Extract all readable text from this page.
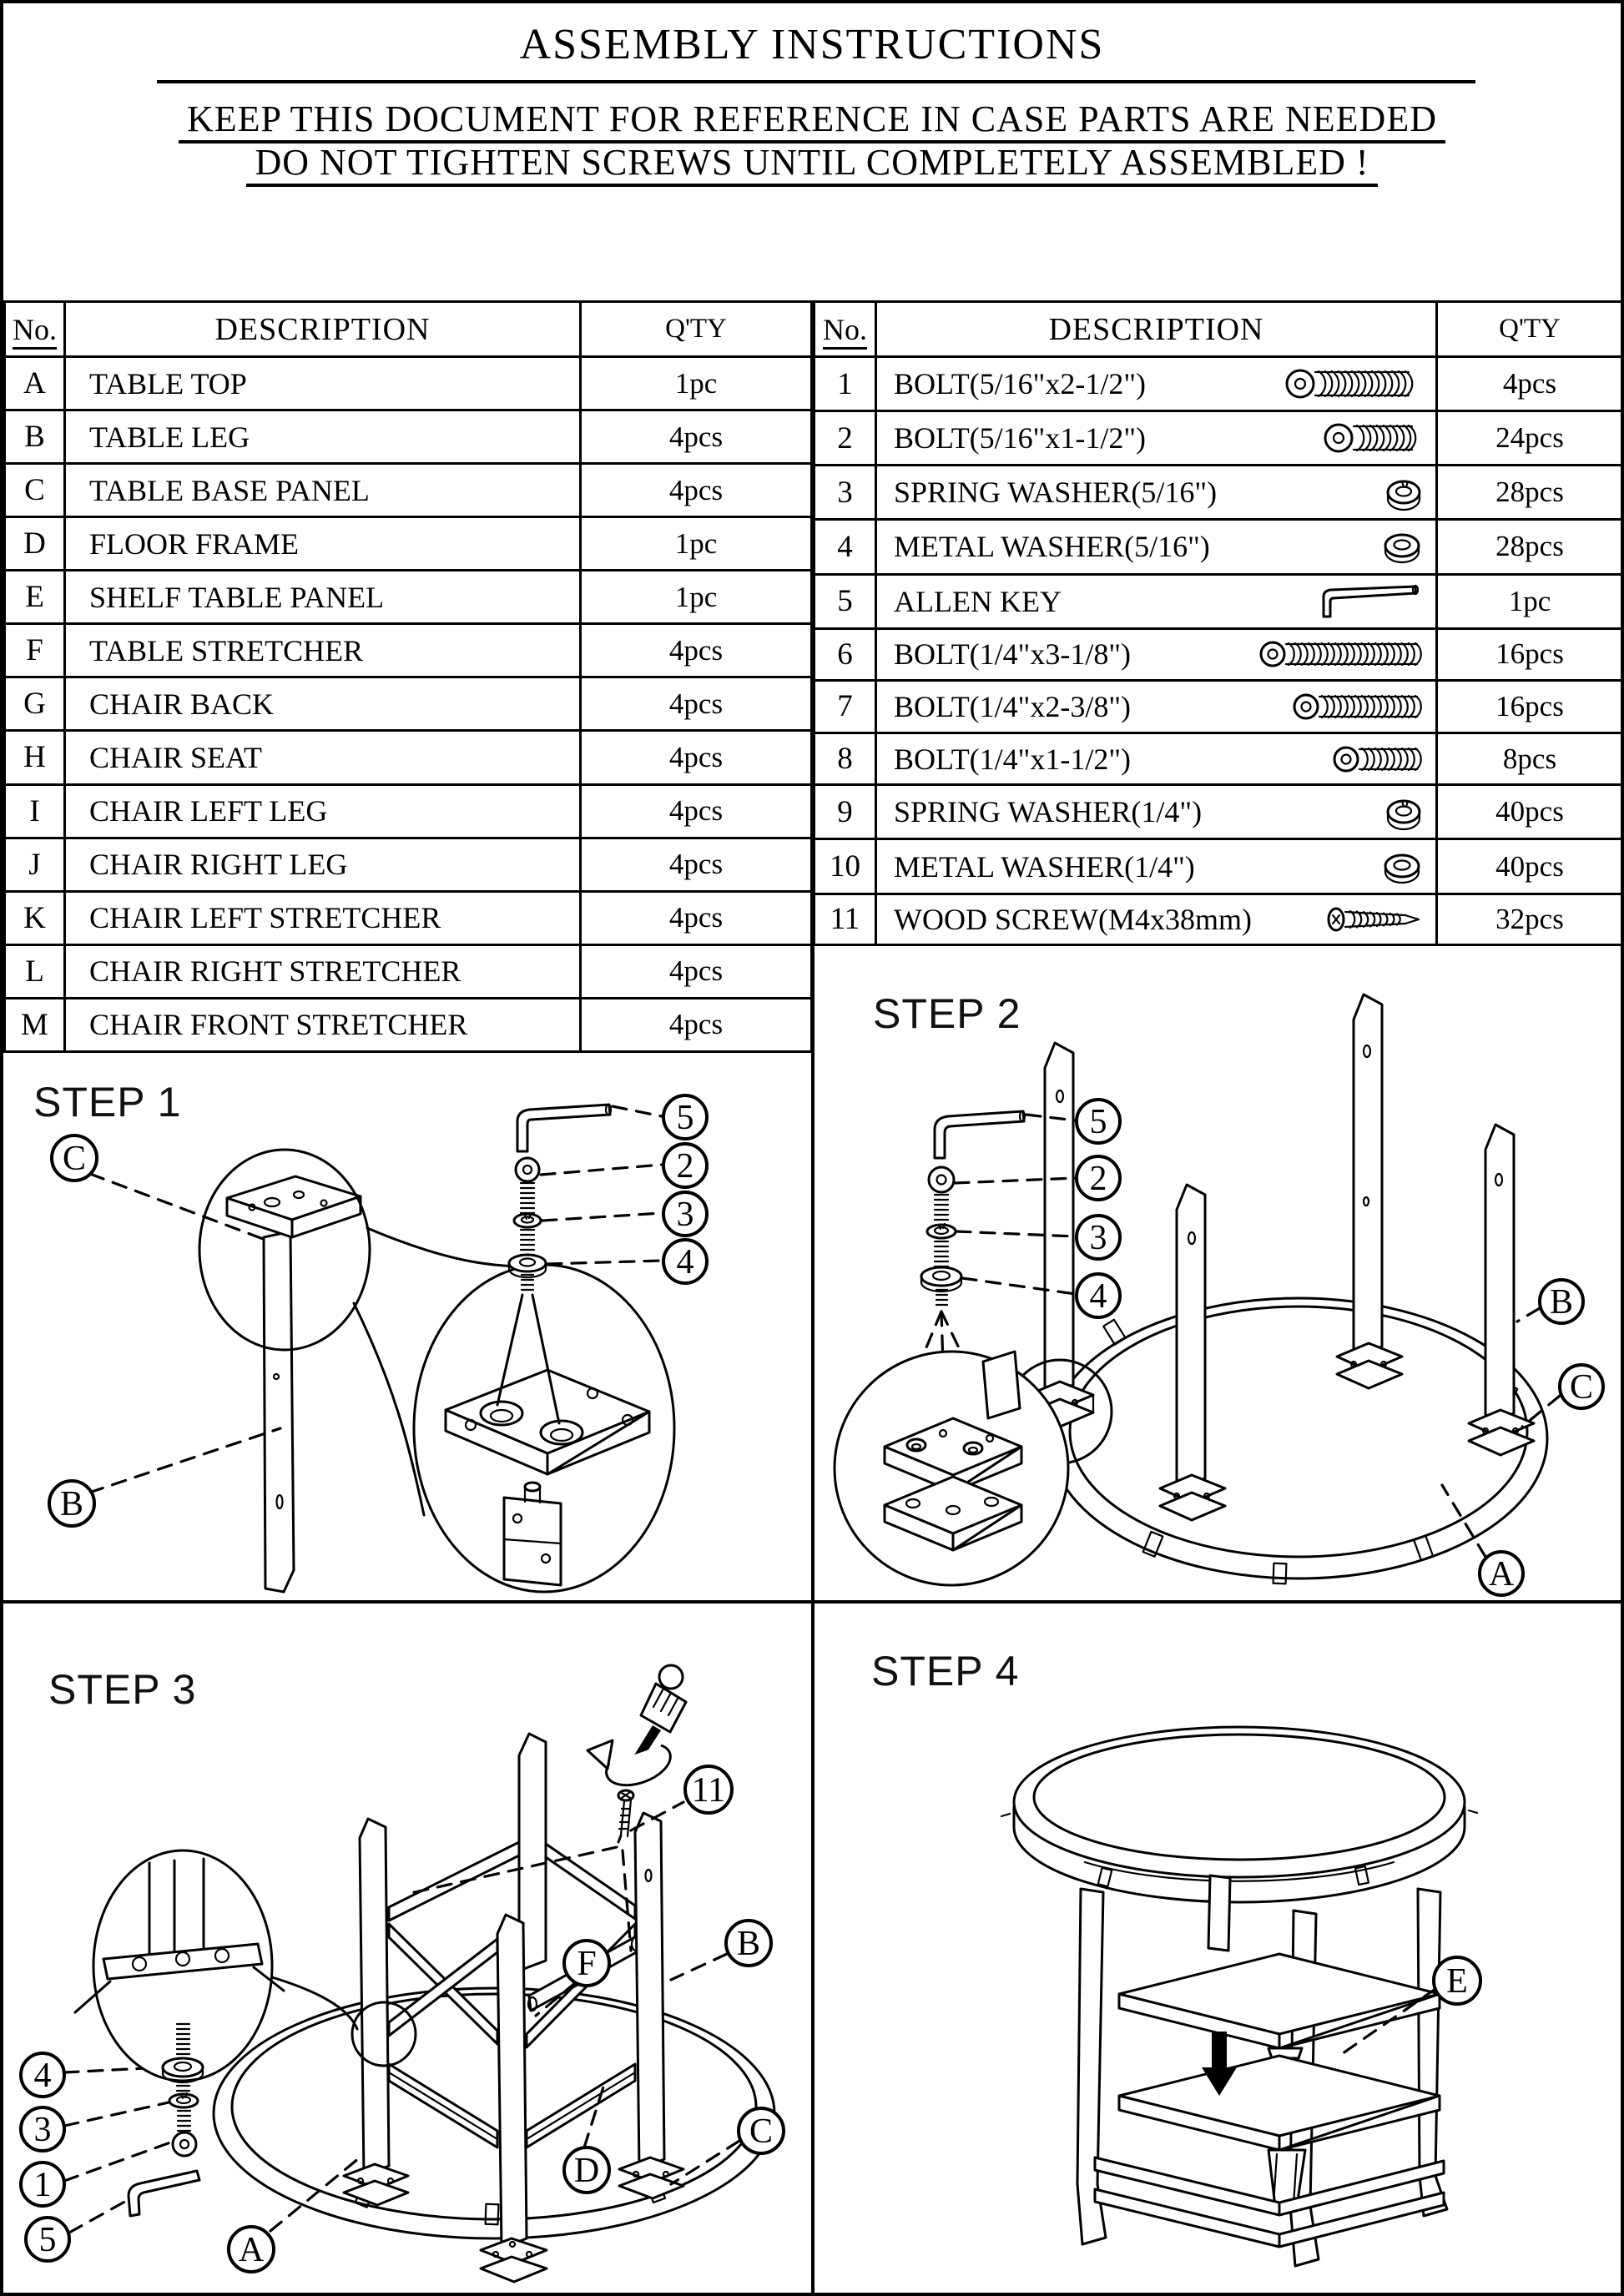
ASSEMBLY INSTRUCTIONS
KEEP THIS DOCUMENT FOR REFERENCE IN CASE PARTS ARE NEEDED
DO NOT TIGHTEN SCREWS UNTIL COMPLETELY ASSEMBLED !
No.	DESCRIPTION	Q'TY
A	TABLE TOP	1pc
B	TABLE LEG	4pcs
C	TABLE BASE PANEL	4pcs
D	FLOOR FRAME	1pc
E	SHELF TABLE PANEL	1pc
F	TABLE STRETCHER	4pcs
G	CHAIR BACK	4pcs
H	CHAIR SEAT	4pcs
I	CHAIR LEFT LEG	4pcs
J	CHAIR RIGHT LEG	4pcs
K	CHAIR LEFT STRETCHER	4pcs
L	CHAIR RIGHT STRETCHER	4pcs
M	CHAIR FRONT STRETCHER	4pcs
No.	DESCRIPTION	Q'TY
1	BOLT(5/16"x2-1/2")	4pcs
2	BOLT(5/16"x1-1/2")	24pcs
3	SPRING WASHER(5/16")	28pcs
4	METAL WASHER(5/16")	28pcs
5	ALLEN KEY	1pc
6	BOLT(1/4"x3-1/8")	16pcs
7	BOLT(1/4"x2-3/8")	16pcs
8	BOLT(1/4"x1-1/2")	8pcs
9	SPRING WASHER(1/4")	40pcs
10	METAL WASHER(1/4")	40pcs
11	WOOD SCREW(M4x38mm)	32pcs
STEP 1
STEP 2
STEP 3	STEP 4
5
2
3
4
C
B
5
2
3
4	B
C
A
11
4
3
1
5
F
B
D
C
A
E
